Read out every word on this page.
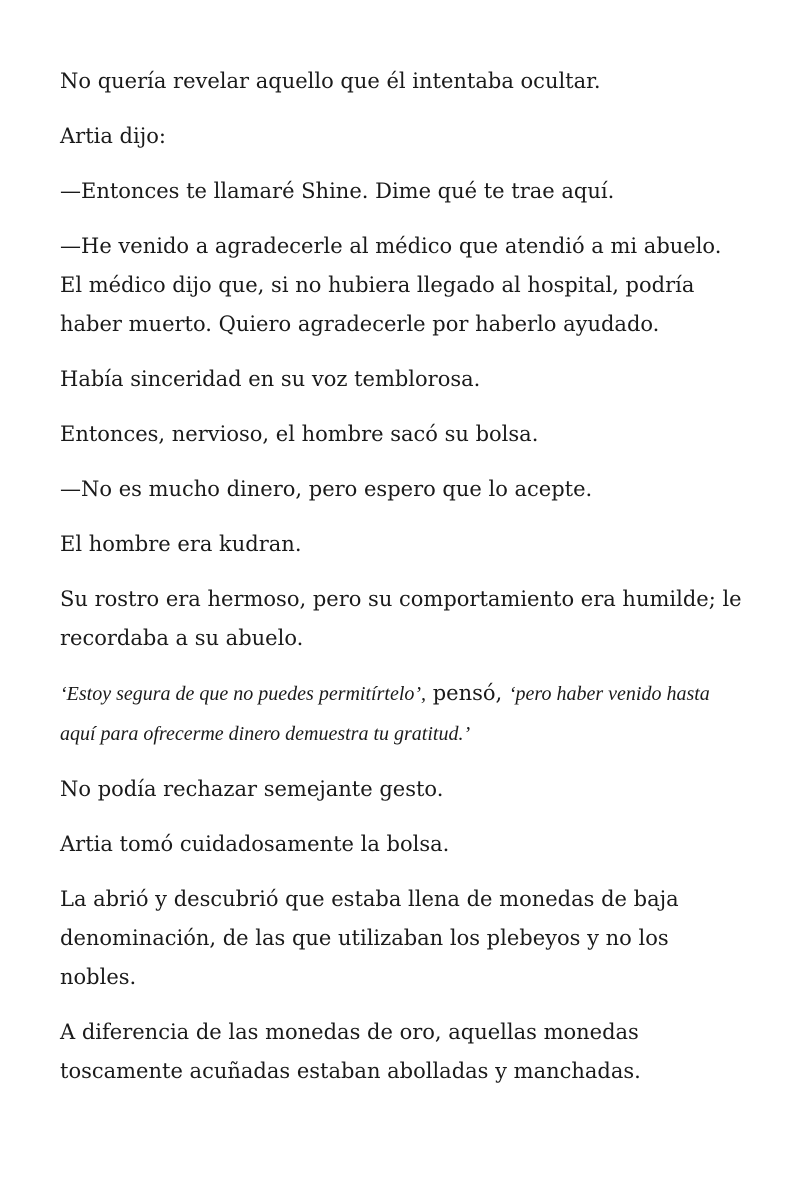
No quería revelar aquello que él intentaba ocultar.

Artia dijo:

—Entonces te llamaré Shine. Dime qué te trae aquí.

—He venido a agradecerle al médico que atendió a mi abuelo. El médico dijo que, si no hubiera llegado al hospital, podría haber muerto. Quiero agradecerle por haberlo ayudado.

Había sinceridad en su voz temblorosa.

Entonces, nervioso, el hombre sacó su bolsa.

—No es mucho dinero, pero espero que lo acepte.

El hombre era kudran.

Su rostro era hermoso, pero su comportamiento era humilde; le recordaba a su abuelo.

‘Estoy segura de que no puedes permitírtelo’, pensó, ‘pero haber venido hasta aquí para ofrecerme dinero demuestra tu gratitud.’

No podía rechazar semejante gesto.

Artia tomó cuidadosamente la bolsa.

La abrió y descubrió que estaba llena de monedas de baja denominación, de las que utilizaban los plebeyos y no los nobles.

A diferencia de las monedas de oro, aquellas monedas toscamente acuñadas estaban abolladas y manchadas.
